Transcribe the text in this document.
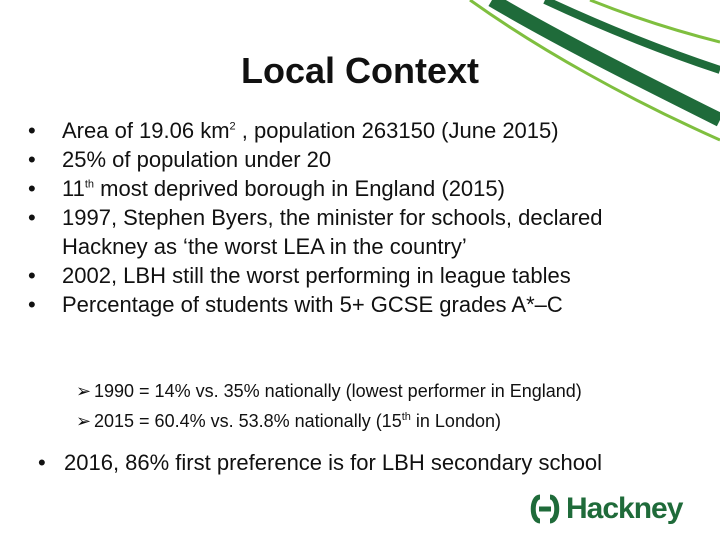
Local Context
•	Area of 19.06 $km^2$ , population 263150 (June 2015)
•	25% of population under 20
•	11th most deprived borough in England (2015)
•	1997, Stephen Byers, the minister for schools, declared Hackney as ‘the worst LEA in the country’
•	2002, LBH still the worst performing in league tables
•	Percentage of students with 5+ GCSE grades A*–C
➢ 1990 = 14% vs. 35% nationally (lowest performer in England)
➢ 2015 = 60.4% vs. 53.8% nationally (15th in London)
• 2016, 86% first preference is for LBH secondary school
Hackney
